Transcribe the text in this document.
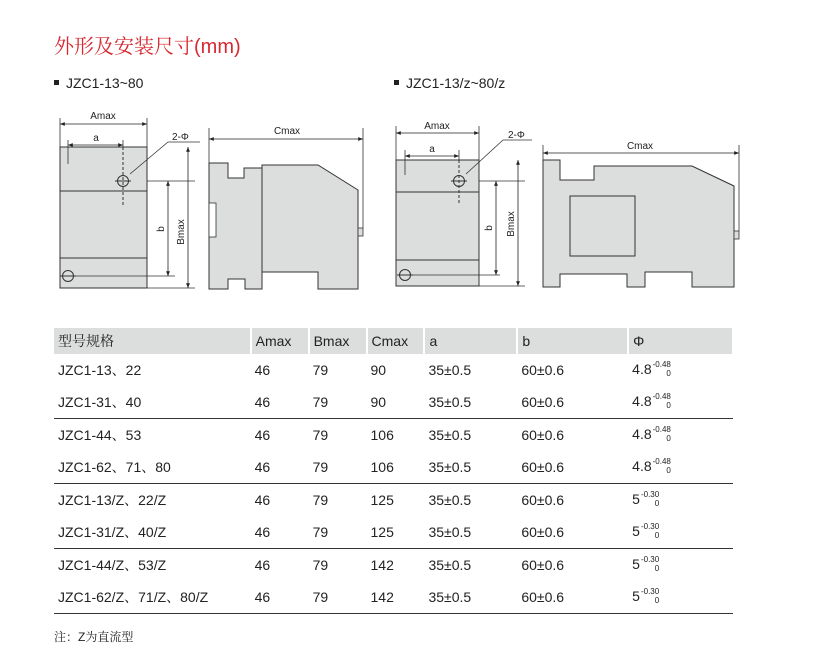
外形及安装尺寸(mm)
JZC1-13~80	JZC1-13/z~80/z
Amax
a	2-Φ
b Bmax
Cmax	Amax
a
2-Φ
b Bmax
Cmax
型号规格	Amax	Bmax	Cmax	a	b	Φ
JZC1-13、22	46	79	90	35±0.5	60±0.6	4.8 -0.48
0

JZC1-31、40	46	79	90	35±0.5	60±0.6	4.8 -0.48
0

JZC1-44、53	46	79	106	35±0.5	60±0.6	4.8 -0.48
0

JZC1-62、71、80	46	79	106	35±0.5	60±0.6	4.8 -0.48
0

JZC1-13/Z、22/Z	46	79	125	35±0.5	60±0.6	5 -0.30
0

JZC1-31/Z、40/Z	46	79	125	35±0.5	60±0.6	5 -0.30
0

JZC1-44/Z、53/Z	46	79	142	35±0.5	60±0.6	5 -0.30
0

JZC1-62/Z、71/Z、80/Z	46	79	142	35±0.5	60±0.6	5 -0.30
0
注：Z为直流型
